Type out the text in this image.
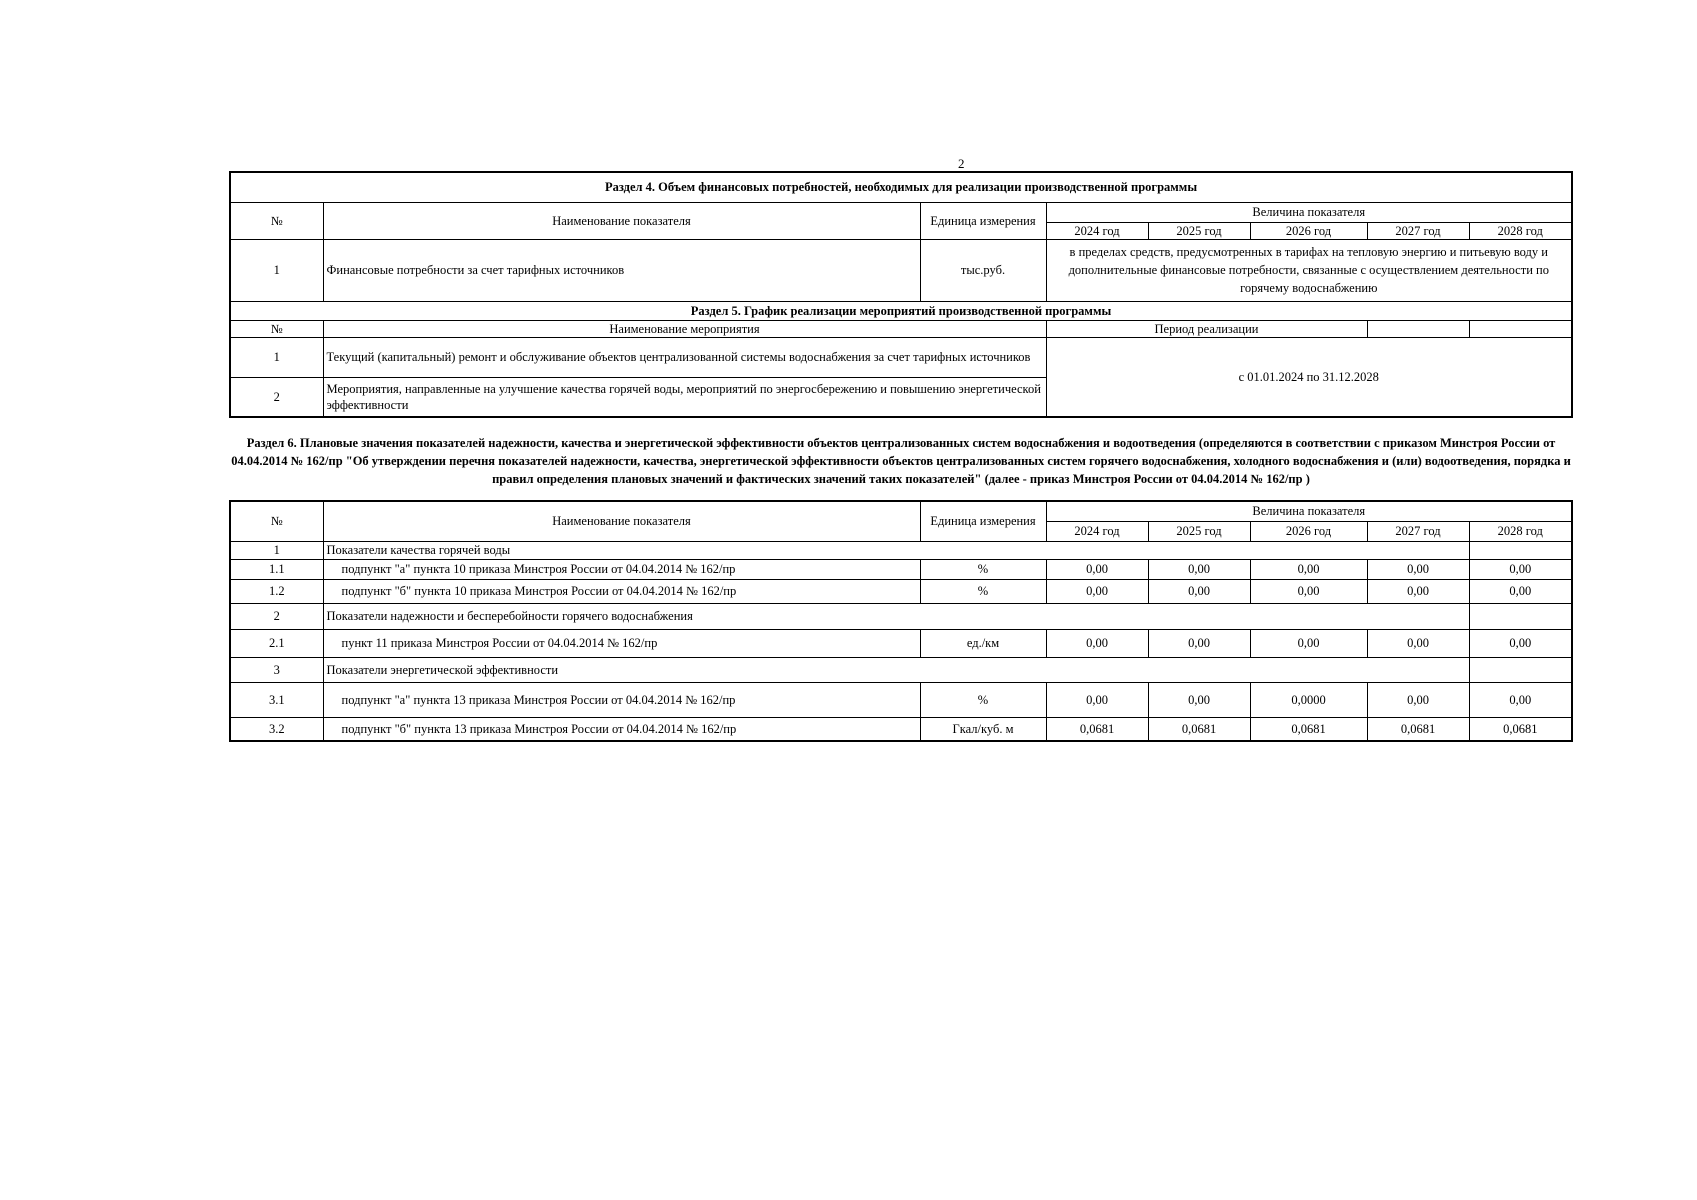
2
Раздел 4. Объем финансовых потребностей, необходимых для реализации производственной программы							
№	Наименование показателя	Единица измерения	Величина показателя				
			2024 год	2025 год	2026 год	2027 год	2028 год
1	Финансовые потребности за счет тарифных источников	тыс.руб.	в пределах средств, предусмотренных в тарифах на тепловую энергию и питьевую воду и дополнительные финансовые потребности, связанные с осуществлением деятельности по горячему водоснабжению				
Раздел 5. График реализации мероприятий производственной программы							
№	Наименование мероприятия		Период реализации				
1	Текущий (капитальный) ремонт и обслуживание объектов централизованной системы водоснабжения за счет тарифных источников		с 01.01.2024 по 31.12.2028				
2	Мероприятия, направленные на улучшение качества горячей воды, мероприятий по энергосбережению и повышению энергетической эффективности						
Раздел 6. Плановые значения показателей надежности, качества и энергетической эффективности объектов централизованных систем водоснабжения и водоотведения (определяются в соответствии с приказом Минстроя России от 04.04.2014 № 162/пр "Об утверждении перечня показателей надежности, качества, энергетической эффективности объектов централизованных систем горячего водоснабжения, холодного водоснабжения и (или) водоотведения, порядка и правил определения плановых значений и фактических значений таких показателей" (далее - приказ Минстроя России от 04.04.2014 № 162/пр )
№	Наименование показателя	Единица измерения	Величина показателя				
			2024 год	2025 год	2026 год	2027 год	2028 год
1	Показатели качества горячей воды						
1.1	подпункт "а" пункта 10 приказа Минстроя России от 04.04.2014 № 162/пр	%	0,00	0,00	0,00	0,00	0,00
1.2	подпункт "б" пункта 10 приказа Минстроя России от 04.04.2014 № 162/пр	%	0,00	0,00	0,00	0,00	0,00
2	Показатели надежности и бесперебойности горячего водоснабжения						
2.1	пункт 11 приказа Минстроя России от 04.04.2014 № 162/пр	ед./км	0,00	0,00	0,00	0,00	0,00
3	Показатели энергетической эффективности						
3.1	подпункт "а" пункта 13 приказа Минстроя России от 04.04.2014 № 162/пр	%	0,00	0,00	0,0000	0,00	0,00
3.2	подпункт "б" пункта 13 приказа Минстроя России от 04.04.2014 № 162/пр	Гкал/куб. м	0,0681	0,0681	0,0681	0,0681	0,0681
